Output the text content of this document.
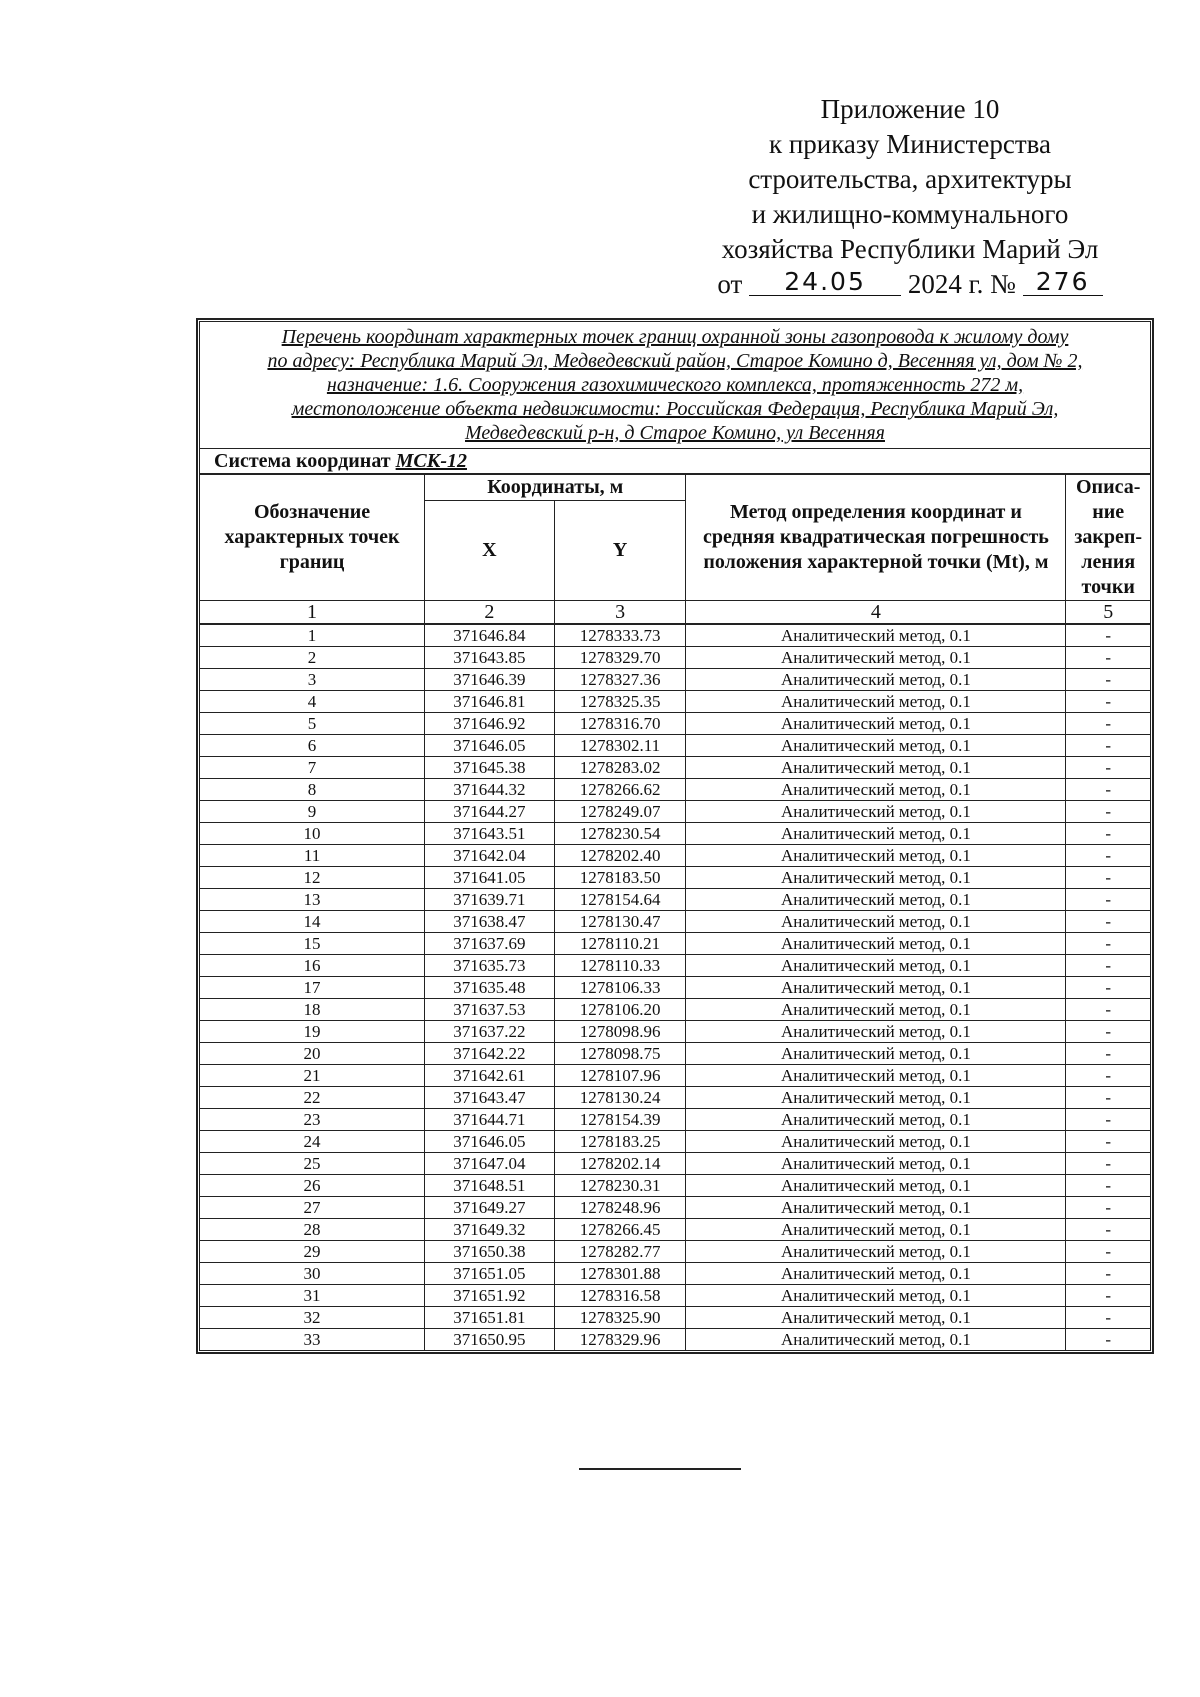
Приложение 10
к приказу Министерства
строительства, архитектуры
и жилищно-коммунального
хозяйства Республики Марий Эл
от 24.05 2024 г. № 276
Перечень координат характерных точек границ охранной зоны газопровода к жилому дому
по адресу: Республика Марий Эл, Медведевский район, Старое Комино д, Весенняя ул, дом № 2,
назначение: 1.6. Сооружения газохимического комплекса, протяженность 272 м,
местоположение объекта недвижимости: Российская Федерация, Республика Марий Эл,
Медведевский р-н, д Старое Комино, ул Весенняя				

Система координат МСК-12				
Обозначение характерных точек границ	Координаты, м		Метод определения координат и средняя квадратическая погрешность положения характерной точки (Mt), м	Описа- ние закреп- ления точки
	X	Y		
1	2	3	4	5
1	371646.84	1278333.73	Аналитический метод, 0.1	-
2	371643.85	1278329.70	Аналитический метод, 0.1	-
3	371646.39	1278327.36	Аналитический метод, 0.1	-
4	371646.81	1278325.35	Аналитический метод, 0.1	-
5	371646.92	1278316.70	Аналитический метод, 0.1	-
6	371646.05	1278302.11	Аналитический метод, 0.1	-
7	371645.38	1278283.02	Аналитический метод, 0.1	-
8	371644.32	1278266.62	Аналитический метод, 0.1	-
9	371644.27	1278249.07	Аналитический метод, 0.1	-
10	371643.51	1278230.54	Аналитический метод, 0.1	-
11	371642.04	1278202.40	Аналитический метод, 0.1	-
12	371641.05	1278183.50	Аналитический метод, 0.1	-
13	371639.71	1278154.64	Аналитический метод, 0.1	-
14	371638.47	1278130.47	Аналитический метод, 0.1	-
15	371637.69	1278110.21	Аналитический метод, 0.1	-
16	371635.73	1278110.33	Аналитический метод, 0.1	-
17	371635.48	1278106.33	Аналитический метод, 0.1	-
18	371637.53	1278106.20	Аналитический метод, 0.1	-
19	371637.22	1278098.96	Аналитический метод, 0.1	-
20	371642.22	1278098.75	Аналитический метод, 0.1	-
21	371642.61	1278107.96	Аналитический метод, 0.1	-
22	371643.47	1278130.24	Аналитический метод, 0.1	-
23	371644.71	1278154.39	Аналитический метод, 0.1	-
24	371646.05	1278183.25	Аналитический метод, 0.1	-
25	371647.04	1278202.14	Аналитический метод, 0.1	-
26	371648.51	1278230.31	Аналитический метод, 0.1	-
27	371649.27	1278248.96	Аналитический метод, 0.1	-
28	371649.32	1278266.45	Аналитический метод, 0.1	-
29	371650.38	1278282.77	Аналитический метод, 0.1	-
30	371651.05	1278301.88	Аналитический метод, 0.1	-
31	371651.92	1278316.58	Аналитический метод, 0.1	-
32	371651.81	1278325.90	Аналитический метод, 0.1	-
33	371650.95	1278329.96	Аналитический метод, 0.1	-
